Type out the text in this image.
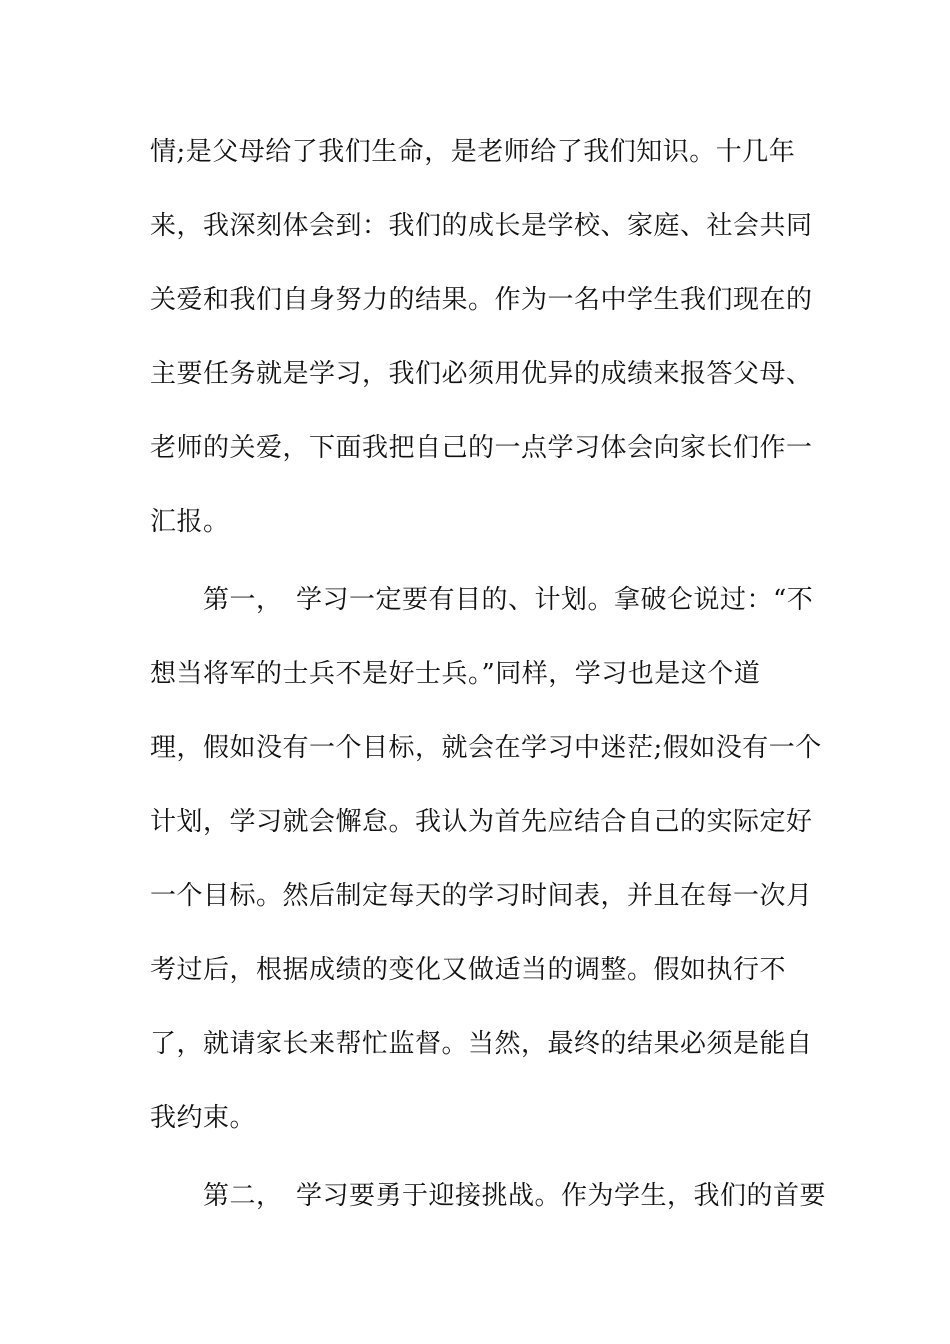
情;是父母给了我们生命，是老师给了我们知识。十几年
来，我深刻体会到：我们的成长是学校、家庭、社会共同
关爱和我们自身努力的结果。作为一名中学生我们现在的
主要任务就是学习，我们必须用优异的成绩来报答父母、
老师的关爱，下面我把自己的一点学习体会向家长们作一
汇报。
　　第一，　学习一定要有目的、计划。拿破仑说过：“不
想当将军的士兵不是好士兵。”同样，学习也是这个道
理，假如没有一个目标，就会在学习中迷茫;假如没有一个
计划，学习就会懈怠。我认为首先应结合自己的实际定好
一个目标。然后制定每天的学习时间表，并且在每一次月
考过后，根据成绩的变化又做适当的调整。假如执行不
了，就请家长来帮忙监督。当然，最终的结果必须是能自
我约束。
　　第二，　学习要勇于迎接挑战。作为学生，我们的首要
